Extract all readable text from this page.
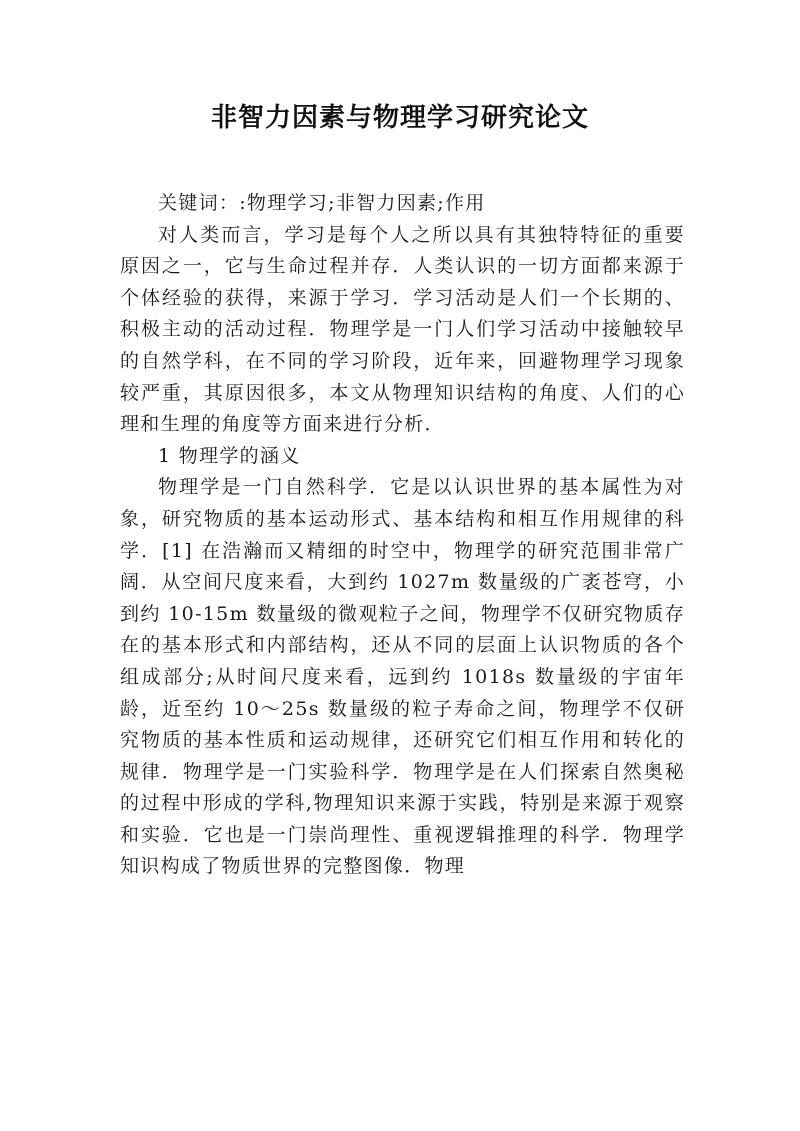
非智力因素与物理学习研究论文

关键词：:物理学习;非智力因素;作用

对人类而言，学习是每个人之所以具有其独特特征的重要原因之一，它与生命过程并存．人类认识的一切方面都来源于个体经验的获得，来源于学习．学习活动是人们一个长期的、积极主动的活动过程．物理学是一门人们学习活动中接触较早的自然学科，在不同的学习阶段，近年来，回避物理学习现象较严重，其原因很多，本文从物理知识结构的角度、人们的心理和生理的角度等方面来进行分析．

1 物理学的涵义

物理学是一门自然科学．它是以认识世界的基本属性为对象，研究物质的基本运动形式、基本结构和相互作用规律的科学．[1] 在浩瀚而又精细的时空中，物理学的研究范围非常广阔．从空间尺度来看，大到约 1027m 数量级的广袤苍穹，小到约 10-15m 数量级的微观粒子之间，物理学不仅研究物质存在的基本形式和内部结构，还从不同的层面上认识物质的各个组成部分;从时间尺度来看，远到约 1018s 数量级的宇宙年龄，近至约 10～25s 数量级的粒子寿命之间，物理学不仅研究物质的基本性质和运动规律，还研究它们相互作用和转化的规律．物理学是一门实验科学．物理学是在人们探索自然奥秘的过程中形成的学科,物理知识来源于实践，特别是来源于观察和实验．它也是一门崇尚理性、重视逻辑推理的科学．物理学知识构成了物质世界的完整图像．物理
